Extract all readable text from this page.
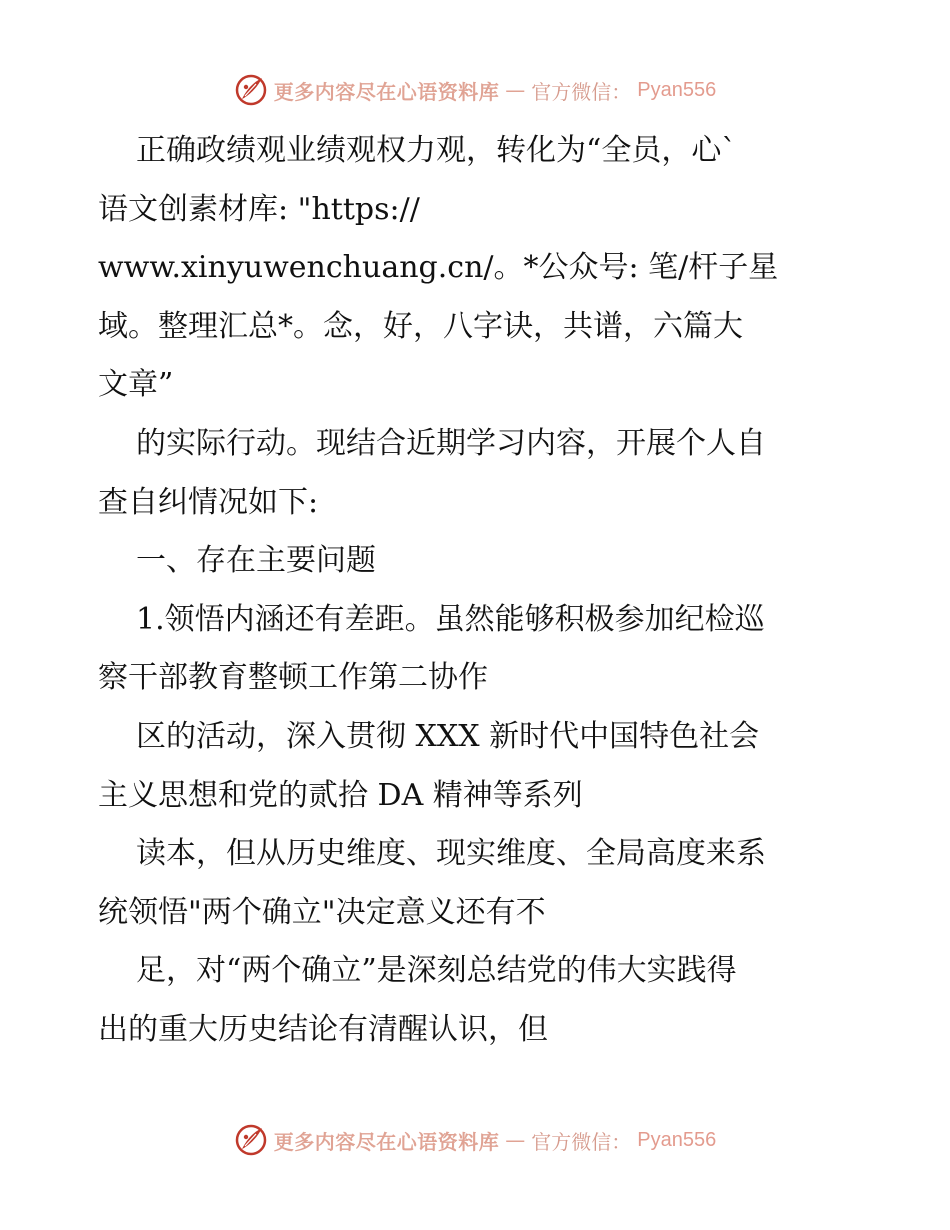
更多内容尽在心语资料库 — 官方微信： Pyan556
正确政绩观业绩观权力观，转化为“全员，心`
语文创素材库: "https://
www.xinyuwenchuang.cn/。*公众号: 笔/杆子星
域。整理汇总*。念，好，八字诀，共谱，六篇大
文章”
的实际行动。现结合近期学习内容，开展个人自
查自纠情况如下:
一、存在主要问题
1.领悟内涵还有差距。虽然能够积极参加纪检巡
察干部教育整顿工作第二协作
区的活动，深入贯彻 XXX 新时代中国特色社会
主义思想和党的贰拾 DA 精神等系列
读本，但从历史维度、现实维度、全局高度来系
统领悟"两个确立"决定意义还有不
足，对“两个确立”是深刻总结党的伟大实践得
出的重大历史结论有清醒认识，但
更多内容尽在心语资料库 — 官方微信： Pyan556
